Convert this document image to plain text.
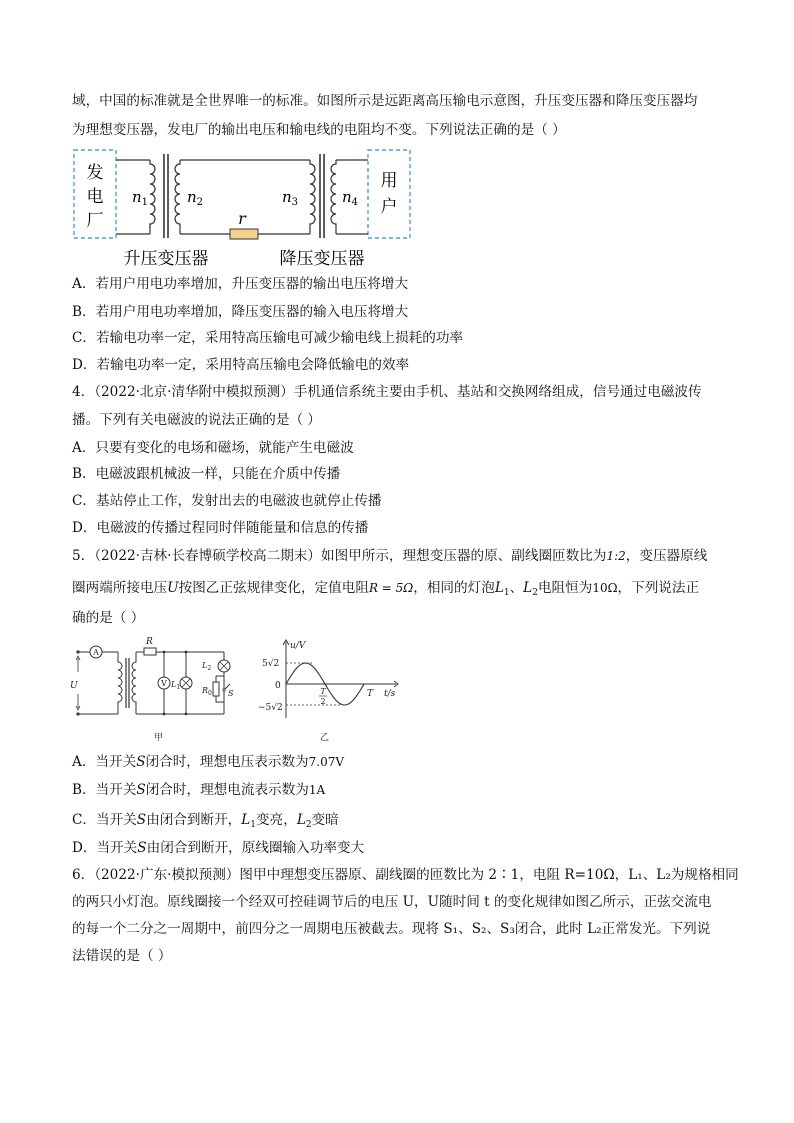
域，中国的标准就是全世界唯一的标准。如图所示是远距离高压输电示意图，升压变压器和降压变压器均
为理想变压器，发电厂的输出电压和输电线的电阻均不变。下列说法正确的是（ ）
发
电
厂
用
户
r
$n_1$	$n_2$	$n_3$	$n_4$
升压变压器	降压变压器
A．若用户用电功率增加，升压变压器的输出电压将增大
B．若用户用电功率增加，降压变压器的输入电压将增大
C．若输电功率一定，采用特高压输电可减少输电线上损耗的功率
D．若输电功率一定，采用特高压输电会降低输电的效率
4．（2022·北京·清华附中模拟预测）手机通信系统主要由手机、基站和交换网络组成，信号通过电磁波传
播。下列有关电磁波的说法正确的是（ ）
A．只要有变化的电场和磁场，就能产生电磁波
B．电磁波跟机械波一样，只能在介质中传播
C．基站停止工作，发射出去的电磁波也就停止传播
D．电磁波的传播过程同时伴随能量和信息的传播
5．（2022·吉林·长春博硕学校高二期末）如图甲所示，理想变压器的原、副线圈匝数比为1:2，变压器原线
圈两端所接电压U按图乙正弦规律变化，定值电阻R = 5Ω，相同的灯泡$L_1$、$L_2$电阻恒为10Ω，下列说法正
确的是（ ）
A
U
R
V $L_1$
$L_2$
$R_0$ S
甲
u/V
5√2
0
−5√2
T
2
T t/s
乙
A．当开关S闭合时，理想电压表示数为7.07V
B．当开关S闭合时，理想电流表示数为1A
C．当开关S由闭合到断开，$L_1$变亮，$L_2$变暗
D．当开关S由闭合到断开，原线圈输入功率变大
6．（2022·广东·模拟预测）图甲中理想变压器原、副线圈的匝数比为 2∶1，电阻 R=10Ω，L₁、L₂为规格相同
的两只小灯泡。原线圈接一个经双可控硅调节后的电压 U，U随时间 t 的变化规律如图乙所示，正弦交流电
的每一个二分之一周期中，前四分之一周期电压被截去。现将 S₁、S₂、S₃闭合，此时 L₂正常发光。下列说
法错误的是（ ）
